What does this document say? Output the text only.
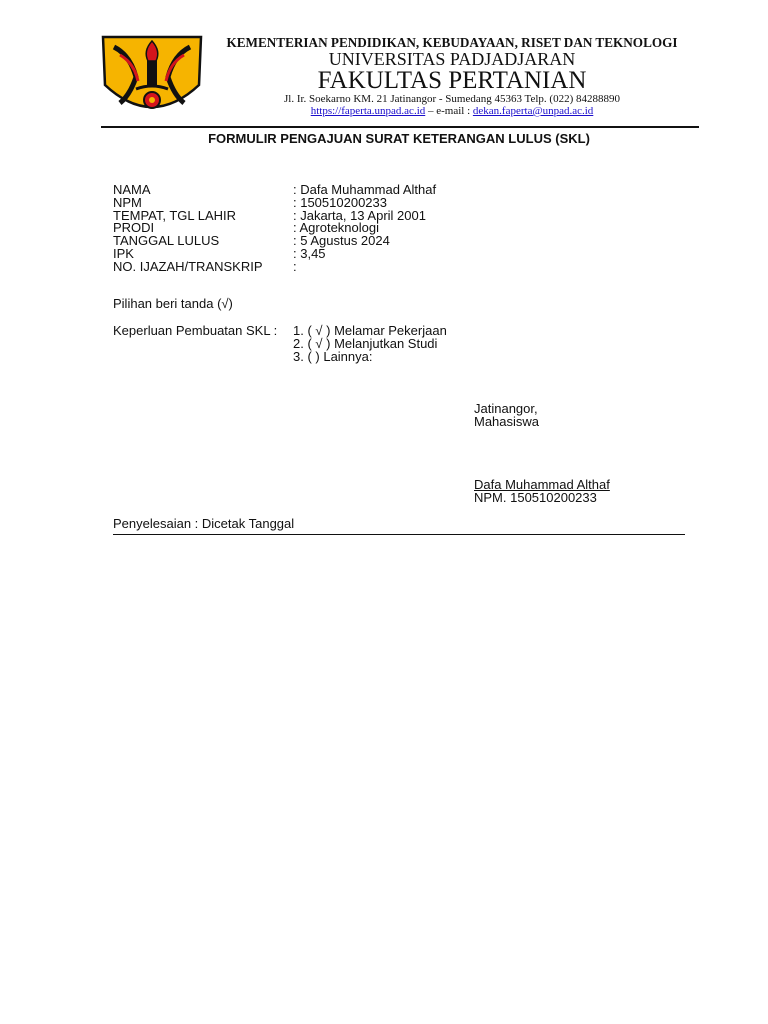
KEMENTERIAN PENDIDIKAN, KEBUDAYAAN, RISET DAN TEKNOLOGI
UNIVERSITAS PADJADJARAN
FAKULTAS PERTANIAN
Jl. Ir. Soekarno KM. 21 Jatinangor - Sumedang 45363 Telp. (022) 84288890
https://faperta.unpad.ac.id – e-mail : dekan.faperta@unpad.ac.id
FORMULIR PENGAJUAN SURAT KETERANGAN LULUS (SKL)
NAMA	: Dafa Muhammad Althaf
NPM	: 150510200233
TEMPAT, TGL LAHIR	: Jakarta, 13 April 2001
PRODI	: Agroteknologi
TANGGAL LULUS	: 5 Agustus 2024
IPK	: 3,45
NO. IJAZAH/TRANSKRIP :
Pilihan beri tanda (√)
Keperluan Pembuatan SKL : 1. ( √ ) Melamar Pekerjaan
2. ( √ ) Melanjutkan Studi
3. ( ) Lainnya:
Jatinangor,
Mahasiswa
Dafa Muhammad Althaf
NPM. 150510200233
Penyelesaian : Dicetak Tanggal
